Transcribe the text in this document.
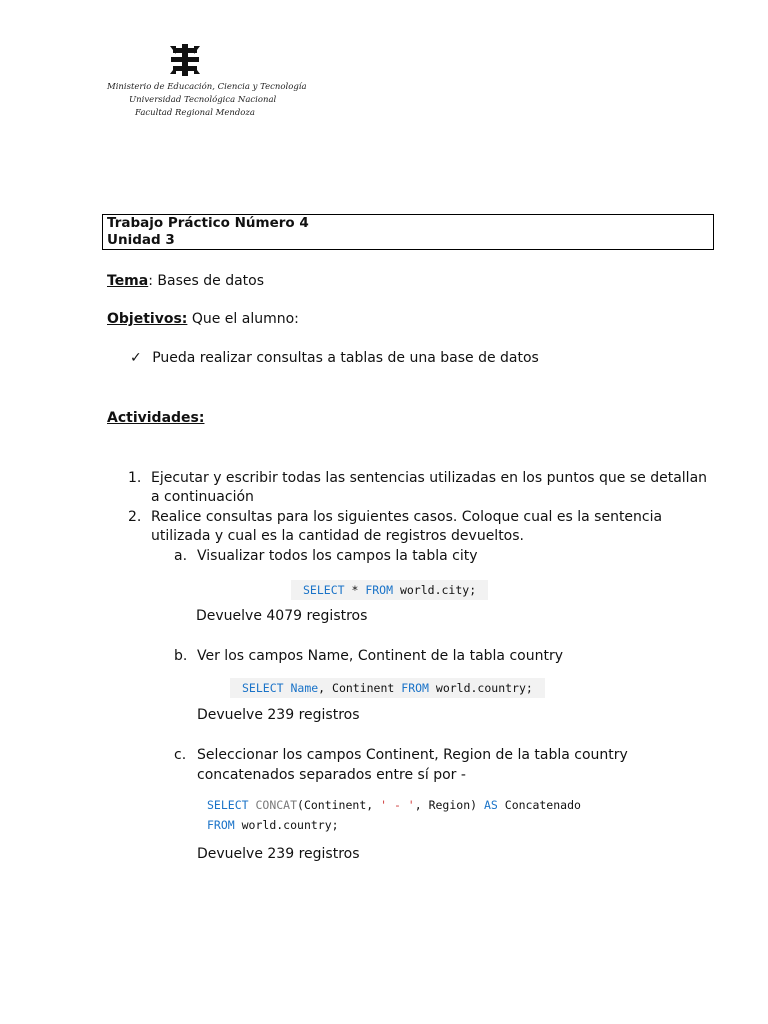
Ministerio de Educación, Ciencia y Tecnología
Universidad Tecnológica Nacional
Facultad Regional Mendoza
Trabajo Práctico Número 4
Unidad 3
Tema: Bases de datos
Objetivos: Que el alumno:
✓ Pueda realizar consultas a tablas de una base de datos
Actividades:
1. Ejecutar y escribir todas las sentencias utilizadas en los puntos que se detallan
a continuación
2. Realice consultas para los siguientes casos. Coloque cual es la sentencia
utilizada y cual es la cantidad de registros devueltos.
a. Visualizar todos los campos la tabla city
SELECT * FROM world.city;
Devuelve 4079 registros
b. Ver los campos Name, Continent de la tabla country
SELECT Name, Continent FROM world.country;
Devuelve 239 registros
c. Seleccionar los campos Continent, Region de la tabla country
concatenados separados entre sí por -
SELECT CONCAT(Continent, ' - ', Region) AS Concatenado
FROM world.country;
Devuelve 239 registros
